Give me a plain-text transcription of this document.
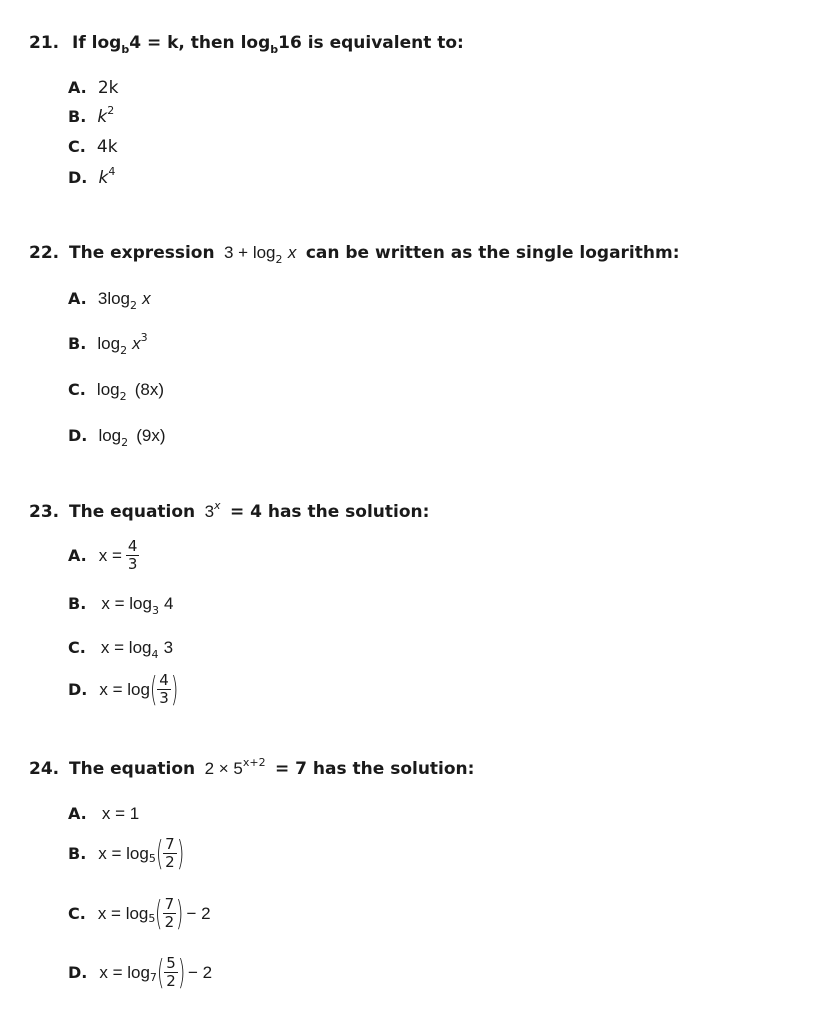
21. If $\log_b4 = k$, then $\log_b16$ is equivalent to:
A. 2k
B. $k^2$
C. 4k
D. $k^4$
22. The expression $3 + \log_2 x$ can be written as the single logarithm:
A. $3\log_2$ x
B. $\log_2 x^3$
C. $\log_2 (8x)$
D. $\log_2 (9x)$
23. The equation $3^x = 4$ has the solution:
A. $x = \frac{4}{3}$
B. $x = \log_3 4$
C. $x = \log_4 3$
D. x = log ( $\frac{4}{3}$ )
24. The equation $2 \times 5^{x+2} = 7$ has the solution:
A. x = 1
B. x = log 5 ( $\frac{7}{2}$ )
C. x = log 5 ( $\frac{7}{2}$ ) − 2
D. x = log 7 ( $\frac{5}{2}$ ) − 2
